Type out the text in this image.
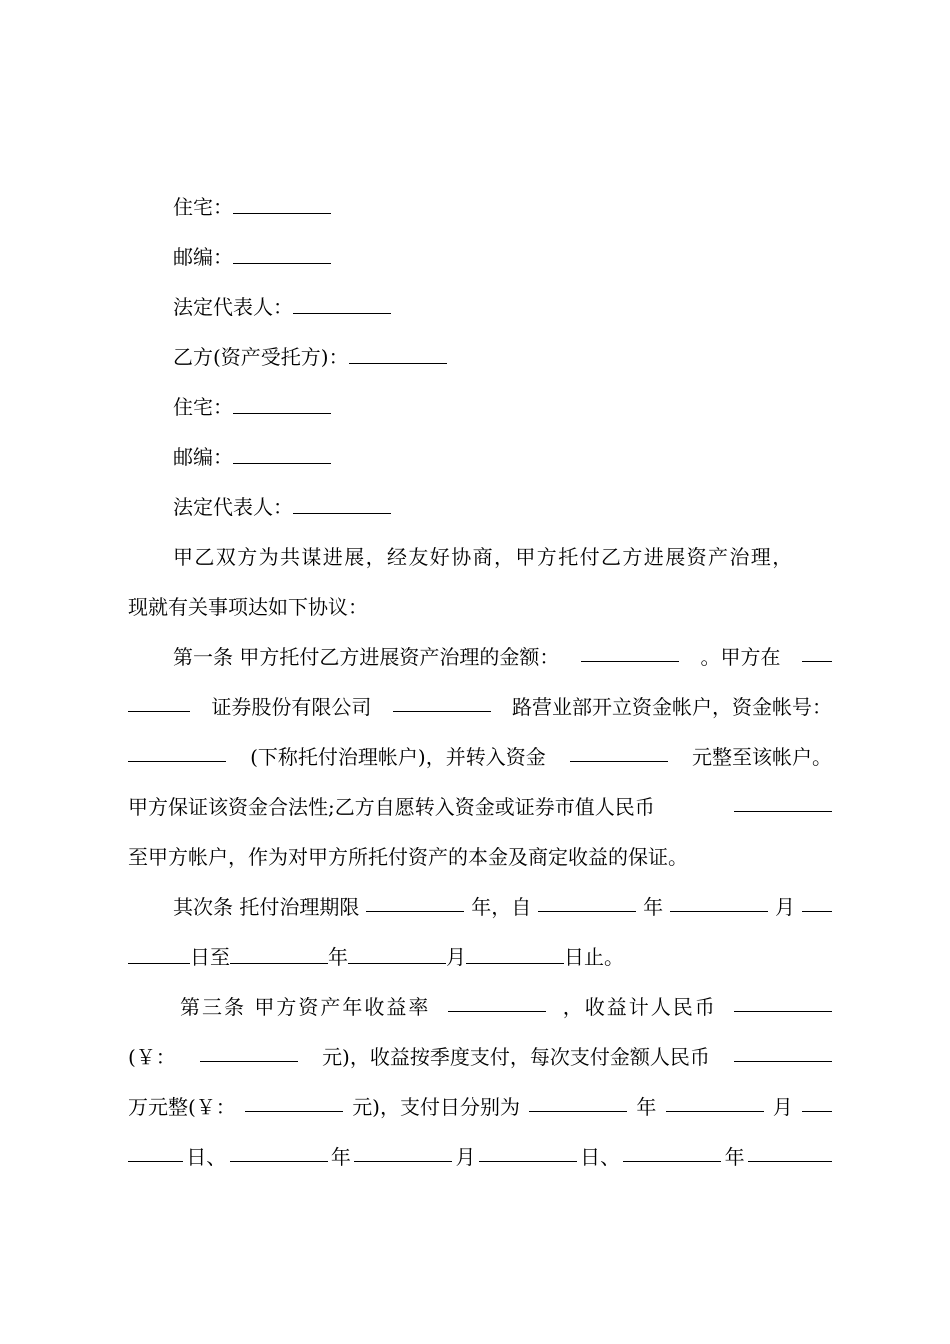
住宅：
邮编：
法定代表人：
乙方(资产受托方)：
住宅：
邮编：
法定代表人：
甲乙双方为共谋进展，经友好协商，甲方托付乙方进展资产治理，
现就有关事项达如下协议：
第一条 甲方托付乙方进展资产治理的金额：	。甲方在
证券股份有限公司	路营业部开立资金帐户，资金帐号：
(下称托付治理帐户)，并转入资金	元整至该帐户。
甲方保证该资金合法性;乙方自愿转入资金或证券市值人民币
至甲方帐户，作为对甲方所托付资产的本金及商定收益的保证。
其次条 托付治理期限	年，自	年	月
日至	年	月	日止。
第三条 甲方资产年收益率	，收益计人民币
(￥：	元)，收益按季度支付，每次支付金额人民币
万元整(￥：	元)，支付日分别为	年	月
日、	年	月	日、	年
